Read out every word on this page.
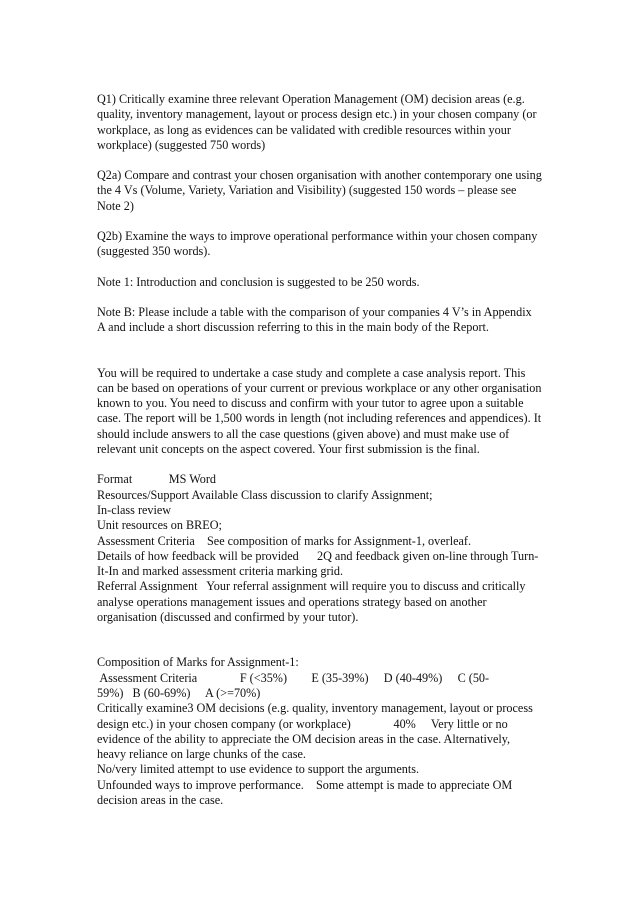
Q1) Critically examine three relevant Operation Management (OM) decision areas (e.g. quality, inventory management, layout or process design etc.) in your chosen company (or workplace, as long as evidences can be validated with credible resources within your workplace) (suggested 750 words)

Q2a) Compare and contrast your chosen organisation with another contemporary one using the 4 Vs (Volume, Variety, Variation and Visibility) (suggested 150 words – please see Note 2)

Q2b) Examine the ways to improve operational performance within your chosen company (suggested 350 words).

Note 1: Introduction and conclusion is suggested to be 250 words.

Note B: Please include a table with the comparison of your companies 4 V’s in Appendix A and include a short discussion referring to this in the main body of the Report.

You will be required to undertake a case study and complete a case analysis report. This can be based on operations of your current or previous workplace or any other organisation known to you. You need to discuss and confirm with your tutor to agree upon a suitable case. The report will be 1,500 words in length (not including references and appendices). It should include answers to all the case questions (given above) and must make use of relevant unit concepts on the aspect covered. Your first submission is the final.

Format            MS Word

Resources/Support Available Class discussion to clarify Assignment;

In-class review

Unit resources on BREO;

Assessment Criteria    See composition of marks for Assignment-1, overleaf.

Details of how feedback will be provided      2Q and feedback given on-line through Turn-It-In and marked assessment criteria marking grid.

Referral Assignment   Your referral assignment will require you to discuss and critically analyse operations management issues and operations strategy based on another organisation (discussed and confirmed by your tutor).

Composition of Marks for Assignment-1:

Assessment Criteria              F (<35%)        E (35-39%)     D (40-49%)     C (50-
59%)   B (60-69%)     A (>=70%)

Critically examine3 OM decisions (e.g. quality, inventory management, layout or process design etc.) in your chosen company (or workplace)              40%     Very little or no evidence of the ability to appreciate the OM decision areas in the case. Alternatively, heavy reliance on large chunks of the case.

No/very limited attempt to use evidence to support the arguments.

Unfounded ways to improve performance.    Some attempt is made to appreciate OM decision areas in the case.
